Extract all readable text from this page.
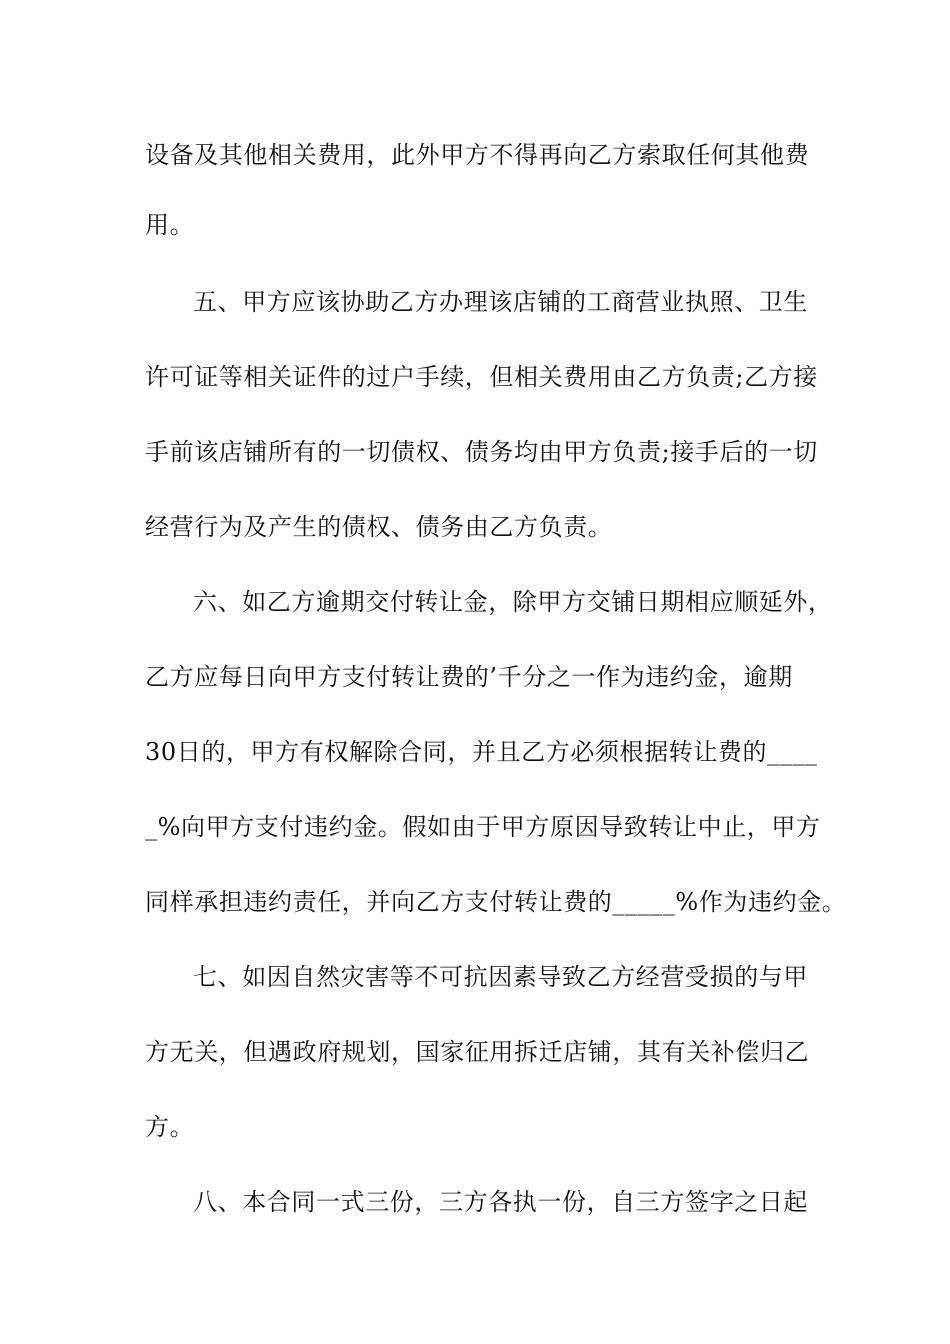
设备及其他相关费用，此外甲方不得再向乙方索取任何其他费
用。
五、甲方应该协助乙方办理该店铺的工商营业执照、卫生
许可证等相关证件的过户手续，但相关费用由乙方负责;乙方接
手前该店铺所有的一切债权、债务均由甲方负责;接手后的一切
经营行为及产生的债权、债务由乙方负责。
六、如乙方逾期交付转让金，除甲方交铺日期相应顺延外，
乙方应每日向甲方支付转让费的’千分之一作为违约金，逾期
30日的，甲方有权解除合同，并且乙方必须根据转让费的____
_%向甲方支付违约金。假如由于甲方原因导致转让中止，甲方
同样承担违约责任，并向乙方支付转让费的_____%作为违约金。
七、如因自然灾害等不可抗因素导致乙方经营受损的与甲
方无关，但遇政府规划，国家征用拆迁店铺，其有关补偿归乙
方。
八、本合同一式三份，三方各执一份，自三方签字之日起
